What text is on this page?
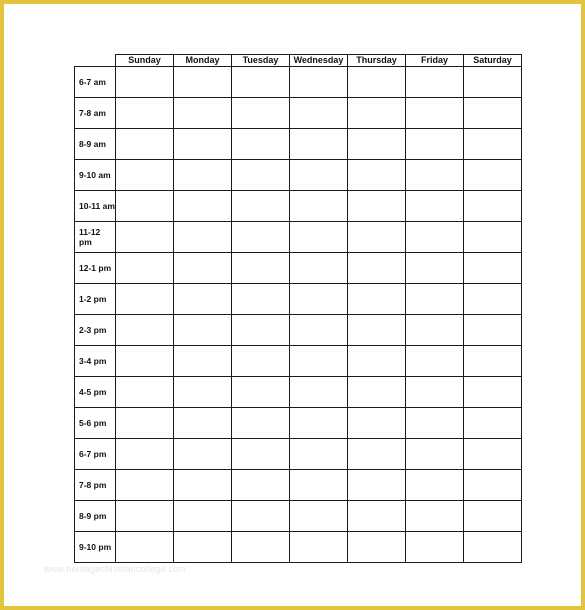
	Sunday	Monday	Tuesday	Wednesday	Thursday	Friday	Saturday
6-7 am							
7-8 am							
8-9 am							
9-10 am							
10-11 am							
11-12 pm							
12-1 pm							
1-2 pm							
2-3 pm							
3-4 pm							
4-5 pm							
5-6 pm							
6-7 pm							
7-8 pm							
8-9 pm							
9-10 pm							
www.heritagechristiancollege.com
